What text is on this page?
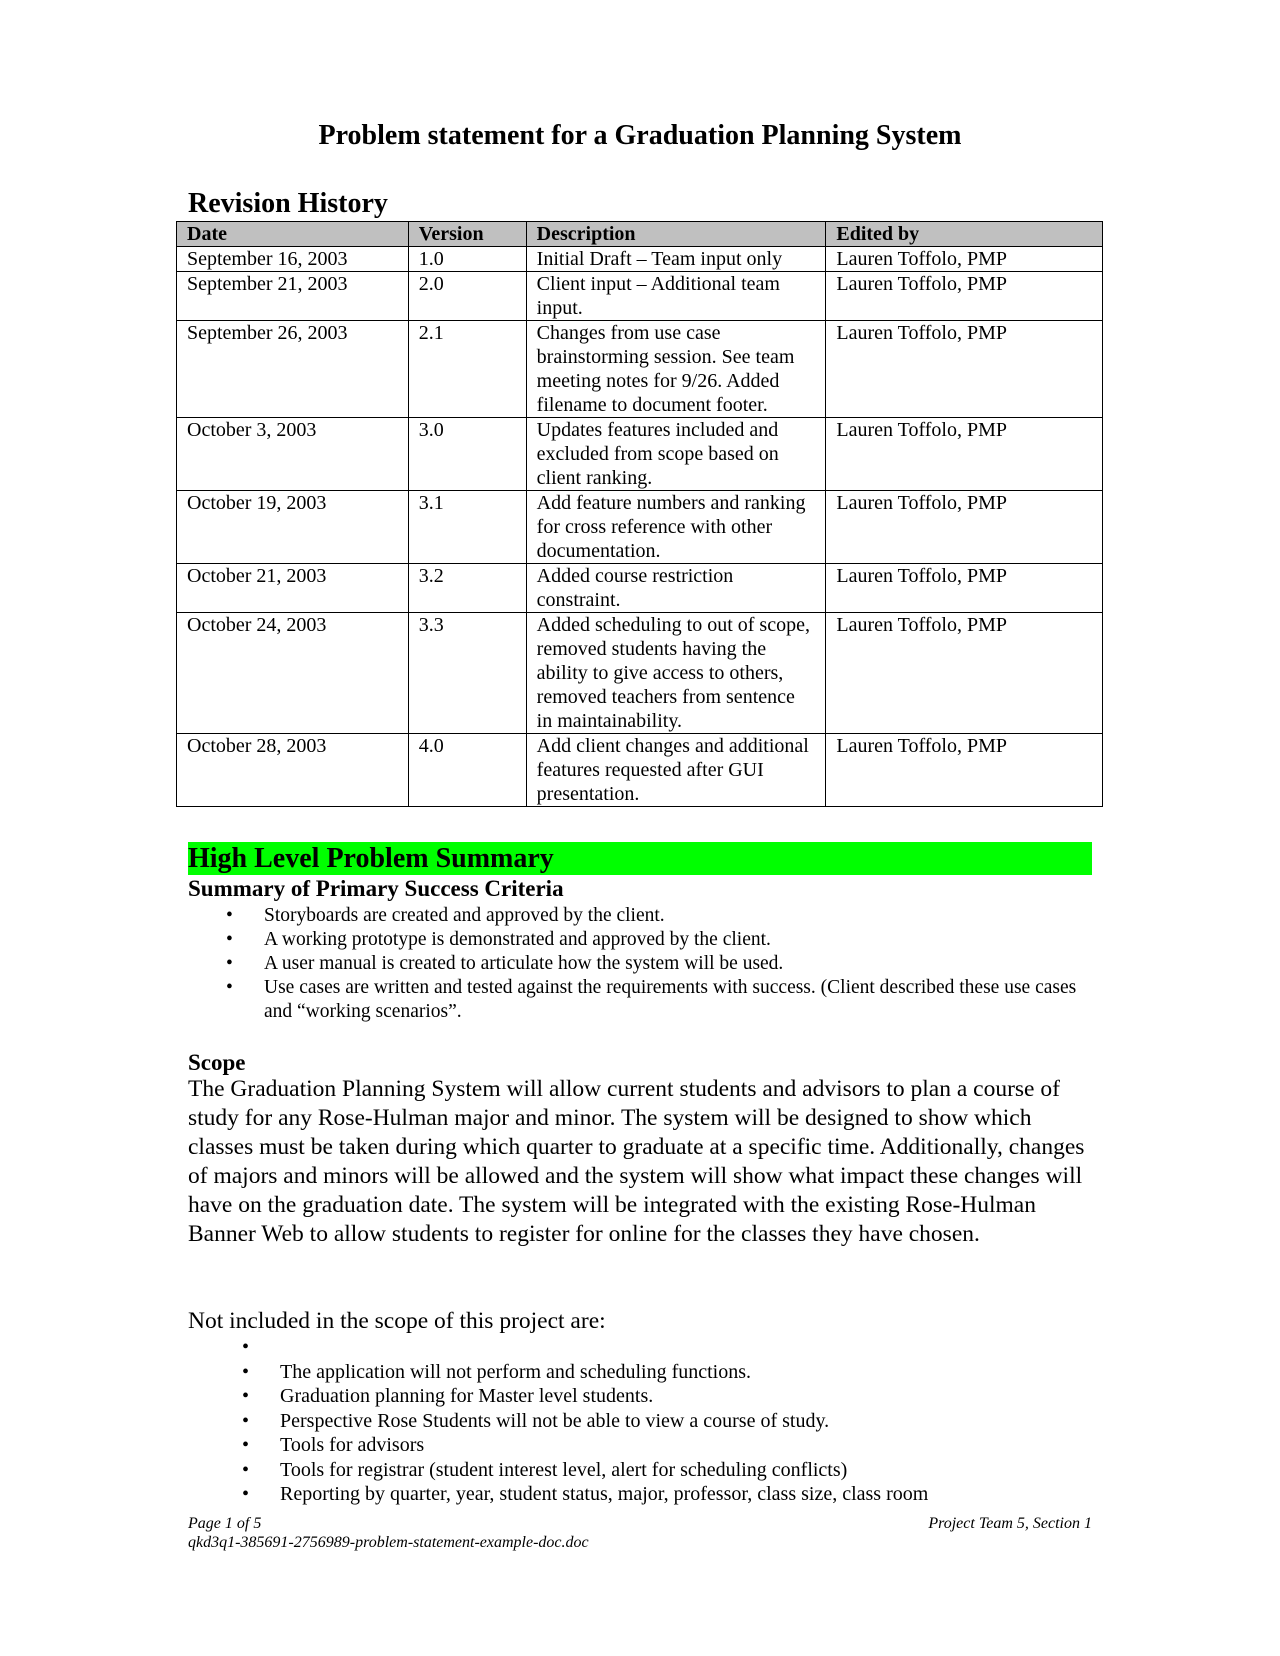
Problem statement for a Graduation Planning System
Revision History
Date	Version	Description	Edited by
September 16, 2003	1.0	Initial Draft – Team input only	Lauren Toffolo, PMP
September 21, 2003	2.0	Client input – Additional team input.	Lauren Toffolo, PMP
September 26, 2003	2.1	Changes from use case brainstorming session. See team meeting notes for 9/26. Added filename to document footer.	Lauren Toffolo, PMP
October 3, 2003	3.0	Updates features included and excluded from scope based on client ranking.	Lauren Toffolo, PMP
October 19, 2003	3.1	Add feature numbers and ranking for cross reference with other documentation.	Lauren Toffolo, PMP
October 21, 2003	3.2	Added course restriction constraint.	Lauren Toffolo, PMP
October 24, 2003	3.3	Added scheduling to out of scope, removed students having the ability to give access to others, removed teachers from sentence in maintainability.	Lauren Toffolo, PMP
October 28, 2003	4.0	Add client changes and additional features requested after GUI presentation.	Lauren Toffolo, PMP
High Level Problem Summary
Summary of Primary Success Criteria
• Storyboards are created and approved by the client.
• A working prototype is demonstrated and approved by the client.
• A user manual is created to articulate how the system will be used.
• Use cases are written and tested against the requirements with success. (Client described these use cases and “working scenarios”.
Scope
The Graduation Planning System will allow current students and advisors to plan a course of study for any Rose-Hulman major and minor. The system will be designed to show which classes must be taken during which quarter to graduate at a specific time. Additionally, changes of majors and minors will be allowed and the system will show what impact these changes will have on the graduation date. The system will be integrated with the existing Rose-Hulman Banner Web to allow students to register for online for the classes they have chosen.
Not included in the scope of this project are:
•
• The application will not perform and scheduling functions.
• Graduation planning for Master level students.
• Perspective Rose Students will not be able to view a course of study.
• Tools for advisors
• Tools for registrar (student interest level, alert for scheduling conflicts)
• Reporting by quarter, year, student status, major, professor, class size, class room
Page 1 of 5	Project Team 5, Section 1
qkd3q1-385691-2756989-problem-statement-example-doc.doc
